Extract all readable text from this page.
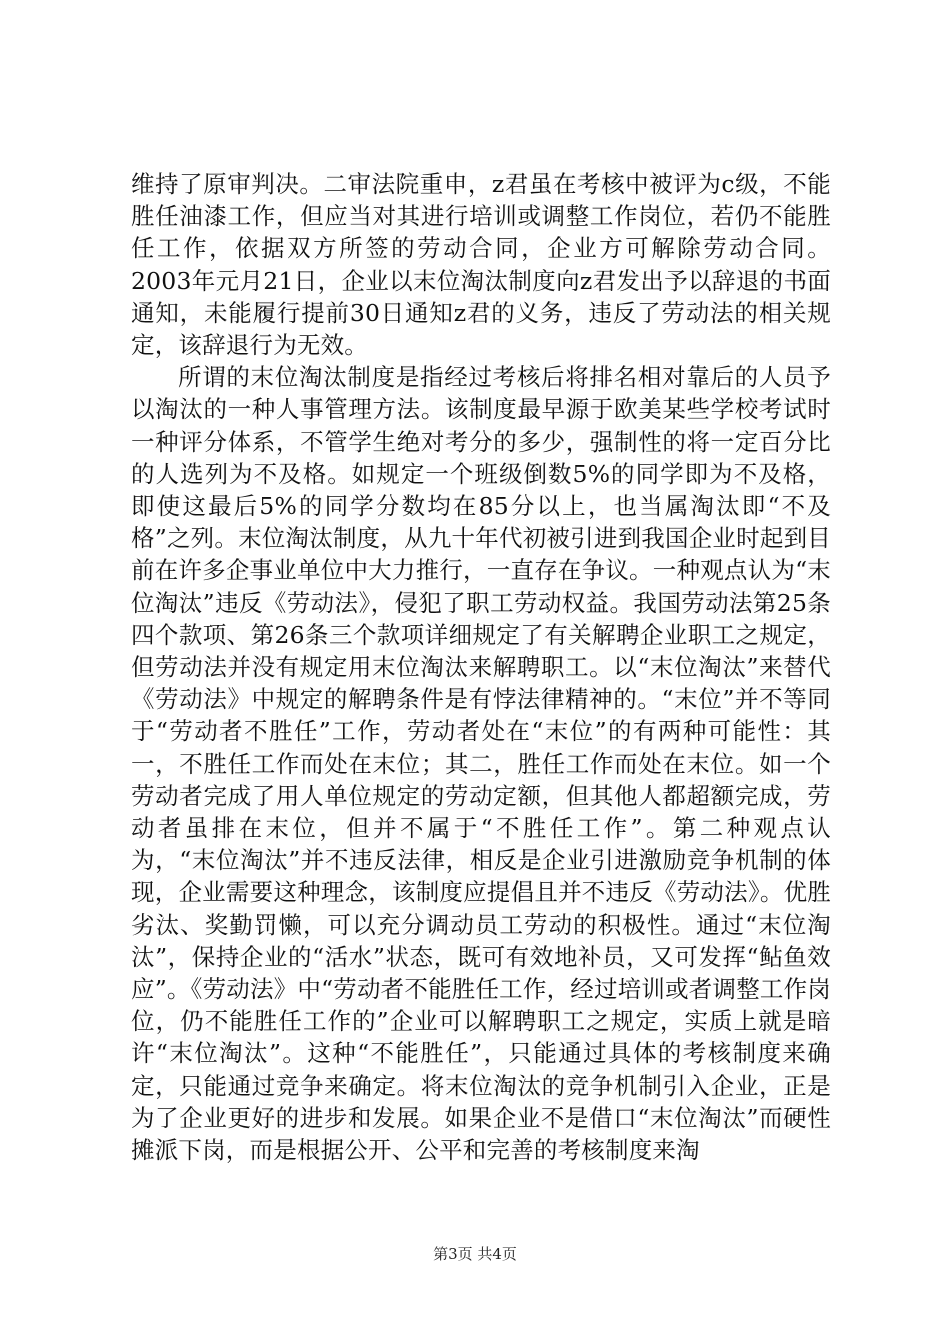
维持了原审判决。二审法院重申，z君虽在考核中被评为c级，不能胜任油漆工作，但应当对其进行培训或调整工作岗位，若仍不能胜任工作，依据双方所签的劳动合同，企业方可解除劳动合同。2003年元月21日，企业以末位淘汰制度向z君发出予以辞退的书面通知，未能履行提前30日通知z君的义务，违反了劳动法的相关规定，该辞退行为无效。

所谓的末位淘汰制度是指经过考核后将排名相对靠后的人员予以淘汰的一种人事管理方法。该制度最早源于欧美某些学校考试时一种评分体系，不管学生绝对考分的多少，强制性的将一定百分比的人选列为不及格。如规定一个班级倒数5%的同学即为不及格，即使这最后5%的同学分数均在85分以上，也当属淘汰即“不及格”之列。末位淘汰制度，从九十年代初被引进到我国企业时起到目前在许多企事业单位中大力推行，一直存在争议。一种观点认为“末位淘汰”违反《劳动法》，侵犯了职工劳动权益。我国劳动法第25条四个款项、第26条三个款项详细规定了有关解聘企业职工之规定，但劳动法并没有规定用末位淘汰来解聘职工。以“末位淘汰”来替代《劳动法》中规定的解聘条件是有悖法律精神的。“末位”并不等同于“劳动者不胜任”工作，劳动者处在“末位”的有两种可能性：其一，不胜任工作而处在末位；其二，胜任工作而处在末位。如一个劳动者完成了用人单位规定的劳动定额，但其他人都超额完成，劳动者虽排在末位，但并不属于“不胜任工作”。第二种观点认为，“末位淘汰”并不违反法律，相反是企业引进激励竞争机制的体现，企业需要这种理念，该制度应提倡且并不违反《劳动法》。优胜劣汰、奖勤罚懒，可以充分调动员工劳动的积极性。通过“末位淘汰”，保持企业的“活水”状态，既可有效地补员，又可发挥“鲇鱼效应”。《劳动法》中“劳动者不能胜任工作，经过培训或者调整工作岗位，仍不能胜任工作的”企业可以解聘职工之规定，实质上就是暗许“末位淘汰”。这种“不能胜任”，只能通过具体的考核制度来确定，只能通过竞争来确定。将末位淘汰的竞争机制引入企业，正是为了企业更好的进步和发展。如果企业不是借口“末位淘汰”而硬性摊派下岗，而是根据公开、公平和完善的考核制度来淘

第3页 共4页
